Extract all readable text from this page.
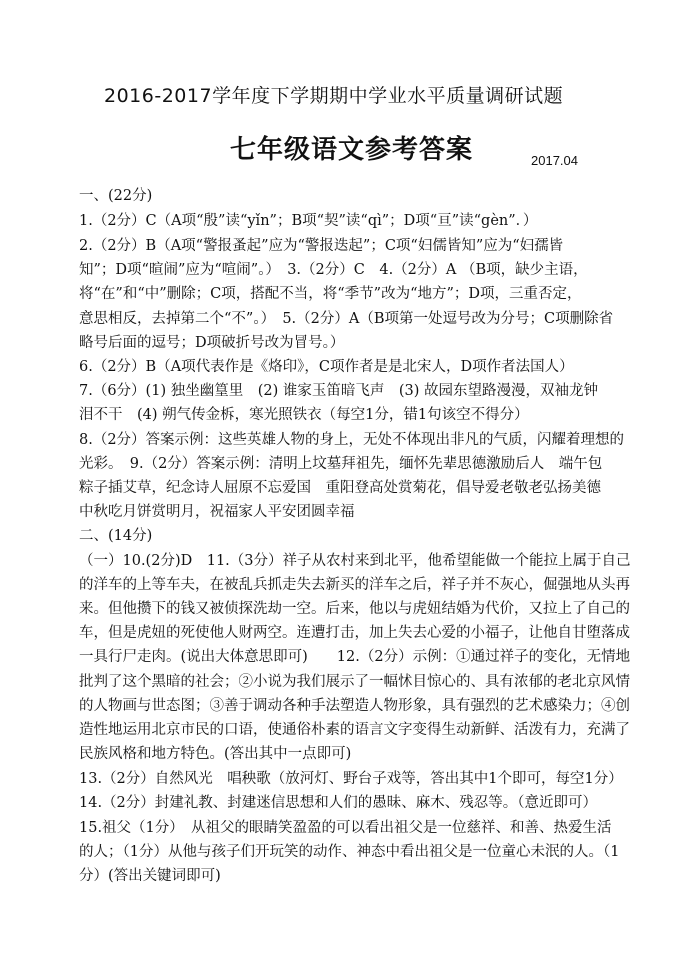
2016-2017学年度下学期期中学业水平质量调研试题
七年级语文参考答案	2017.04
一、(22分)
1.（2分）C（A项“殷”读“yǐn”；B项“契”读“qì”；D项“亘”读“gèn”．）
2.（2分）B（A项“警报蚤起”应为“警报迭起”；C项“妇儒皆知”应为“妇孺皆
知”；D项“暄闹”应为“喧闹”。）　3.（2分）C　4.（2分）A （B项，缺少主语，
将“在”和“中”删除；C项，搭配不当，将“季节”改为“地方”；D项，三重否定，
意思相反，去掉第二个“不”。）　5.（2分）A（B项第一处逗号改为分号；C项删除省
略号后面的逗号；D项破折号改为冒号。）
6.（2分）B（A项代表作是《烙印》，C项作者是是北宋人，D项作者法国人）
7.（6分）(1) 独坐幽篁里　(2) 谁家玉笛暗飞声　(3) 故园东望路漫漫，双袖龙钟
泪不干　(4) 朔气传金柝，寒光照铁衣（每空1分，错1句该空不得分）
8.（2分）答案示例：这些英雄人物的身上，无处不体现出非凡的气质，闪耀着理想的
光彩。　9.（2分）答案示例：清明上坟墓拜祖先，缅怀先辈思德激励后人　端午包
粽子插艾草，纪念诗人屈原不忘爱国　重阳登高处赏菊花，倡导爱老敬老弘扬美德
中秋吃月饼赏明月，祝福家人平安团圆幸福
二、(14分)
（一）10.(2分)D　11.（3分）祥子从农村来到北平，他希望能做一个能拉上属于自己
的洋车的上等车夫，在被乱兵抓走失去新买的洋车之后，祥子并不灰心，倔强地从头再
来。但他攒下的钱又被侦探洗劫一空。后来，他以与虎妞结婚为代价，又拉上了自己的
车，但是虎妞的死使他人财两空。连遭打击，加上失去心爱的小福子，让他自甘堕落成
一具行尸走肉。(说出大体意思即可)　　12.（2分）示例：①通过祥子的变化，无情地
批判了这个黑暗的社会；②小说为我们展示了一幅怵目惊心的、具有浓郁的老北京风情
的人物画与世态图；③善于调动各种手法塑造人物形象，具有强烈的艺术感染力；④创
造性地运用北京市民的口语，使通俗朴素的语言文字变得生动新鲜、活泼有力，充满了
民族风格和地方特色。(答出其中一点即可)
13.（2分）自然风光　唱秧歌（放河灯、野台子戏等，答出其中1个即可，每空1分）
14.（2分）封建礼教、封建迷信思想和人们的愚昧、麻木、残忍等。（意近即可）
15.祖父（1分）　从祖父的眼睛笑盈盈的可以看出祖父是一位慈祥、和善、热爱生活
的人；（1分）从他与孩子们开玩笑的动作、神态中看出祖父是一位童心未泯的人。（1
分）(答出关键词即可)
